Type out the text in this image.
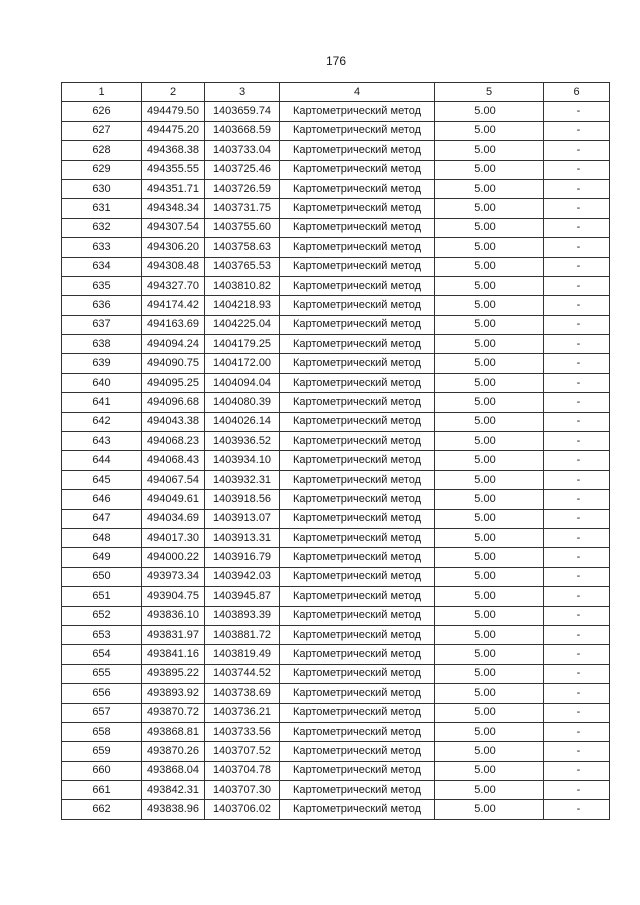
176
1	2	3	4	5	6
626	494479.50	1403659.74	Картометрический метод	5.00	-
627	494475.20	1403668.59	Картометрический метод	5.00	-
628	494368.38	1403733.04	Картометрический метод	5.00	-
629	494355.55	1403725.46	Картометрический метод	5.00	-
630	494351.71	1403726.59	Картометрический метод	5.00	-
631	494348.34	1403731.75	Картометрический метод	5.00	-
632	494307.54	1403755.60	Картометрический метод	5.00	-
633	494306.20	1403758.63	Картометрический метод	5.00	-
634	494308.48	1403765.53	Картометрический метод	5.00	-
635	494327.70	1403810.82	Картометрический метод	5.00	-
636	494174.42	1404218.93	Картометрический метод	5.00	-
637	494163.69	1404225.04	Картометрический метод	5.00	-
638	494094.24	1404179.25	Картометрический метод	5.00	-
639	494090.75	1404172.00	Картометрический метод	5.00	-
640	494095.25	1404094.04	Картометрический метод	5.00	-
641	494096.68	1404080.39	Картометрический метод	5.00	-
642	494043.38	1404026.14	Картометрический метод	5.00	-
643	494068.23	1403936.52	Картометрический метод	5.00	-
644	494068.43	1403934.10	Картометрический метод	5.00	-
645	494067.54	1403932.31	Картометрический метод	5.00	-
646	494049.61	1403918.56	Картометрический метод	5.00	-
647	494034.69	1403913.07	Картометрический метод	5.00	-
648	494017.30	1403913.31	Картометрический метод	5.00	-
649	494000.22	1403916.79	Картометрический метод	5.00	-
650	493973.34	1403942.03	Картометрический метод	5.00	-
651	493904.75	1403945.87	Картометрический метод	5.00	-
652	493836.10	1403893.39	Картометрический метод	5.00	-
653	493831.97	1403881.72	Картометрический метод	5.00	-
654	493841.16	1403819.49	Картометрический метод	5.00	-
655	493895.22	1403744.52	Картометрический метод	5.00	-
656	493893.92	1403738.69	Картометрический метод	5.00	-
657	493870.72	1403736.21	Картометрический метод	5.00	-
658	493868.81	1403733.56	Картометрический метод	5.00	-
659	493870.26	1403707.52	Картометрический метод	5.00	-
660	493868.04	1403704.78	Картометрический метод	5.00	-
661	493842.31	1403707.30	Картометрический метод	5.00	-
662	493838.96	1403706.02	Картометрический метод	5.00	-
